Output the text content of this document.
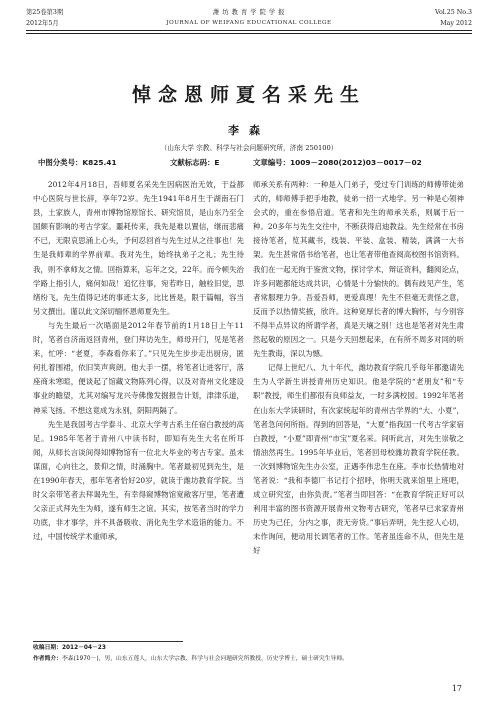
第25卷第3期	潍 坊 教 育 学 院 学 报	Vol.25 No.3
2012年5月	JOURNAL OF WEIFANG EDUCATIONAL COLLEGE	May 2012
悼念恩师夏名采先生
李森
（山东大学 宗教、科学与社会问题研究所，济南 250100）
中图分类号：K825.41	文献标志码：E	文章编号：1009－2080(2012)03－0017－02

2012年4月18日，吾师夏名采先生因病医治无效，于益都中心医院与世长辞，享年72岁。先生1941年8月生于湖南石门县，土家族人，青州市博物馆原馆长、研究馆员，是山东乃至全国颇有影响的考古学家。噩耗传来，我先是难以置信，继而悲痛不已，无限哀思涌上心头，予何忍回首与先生过从之往事也！先生是我师辈的学界前辈。我对先生，始终执弟子之礼；先生待我，则不拿师友之情。回指算来，忘年之交，22年。而今顿失治学路上指引人，痛何如哉！追忆往事，宛若昨日，触栓旧觉，思绪纷飞。先生值得记述的事迹太多，比比皆是，限于篇幅，容当另文撰出。谨以此文深切缅怀恩师夏先生。

与先生最后一次晤面是2012年春节前的1月18日上午11时，笔者自济南返回青州，登门拜访先生，师母开门，见是笔者来，忙呼：“老夏，李森看你来了。”只见先生步步走出厨房，匿何扎着围裙，依旧笑声爽朗。他大手一摆，将笔者让进客厅，落座商未寒暄，便谈起了馆藏文物陈列心得，以及对青州文化建设事业的瞻望，尤其对编写龙兴寺佛像发掘报告计划，津津乐道，神采飞扬。不想这竟成为永别，阴阳两隔了。

先生是我国考古学泰斗、北京大学考古系主任宿白教授的高足。1985年笔者于青州八中读书时，即知有先生大名在所耳闻，从师长言谈间得知博物馆有一位北大毕业的考古专家。虽未谋面，心向往之，景仰之情，时涌胸中。笔者最初见到先生，是在1990年春天，那年笔者恰好20岁，就读于潍坊教育学院。当时父亲带笔者去拜谒先生，有幸得窥博物馆宽敞客厅里，笔者遭父亲正式拜先生为师，遂有师生之谊。其实，按笔者当时的学力功底，非才事学，并不具备吸收、消化先生学术造诣的能力。不过，中国传统学术重师承，

师承关系有两种：一种是入门弟子，受过专门训练的师傅带徒弟式的，师师傅手把手地教，徒弟一招一式地学。另一种是心领神会式的，重在参悟启道。笔者和先生的师承关系，则属于后一种。20多年与先生交往中，不断获得启迪教益。先生经常在书房接待笔者，览其藏书，线装、平装、盒装、精装，满满一大书架。先生甚常借书给笔者，也让笔者带他查阅高校图书馆资料。我们在一起无拘于鉴赏文物，探讨学术，辩证资料，翻阅论点，许多问题都能达成共识，心情是十分愉快的。偶有歧见产生，笔者常服理力争。吾爱吾师，更爱真理！先生不但毫无责怪之意，反而予以热情奖掖，欣许。这种宽厚长者的博大胸怀，与今别容不得半点异议的所谓学者，真是天壤之别！这也是笔者对先生肃然起敬的原因之一。只是今天回想起来，在有所不周多对同的听先生教诲，深以为憾。

记得上世纪八、九十年代，潍坊教育学院几乎每年都邀请先生为人学新生讲授青州历史知识。他是学院的“老朋友”和“专职”教授，师生们都很有良师益友，一时多满校园。1992年笔者在山东大学读研时，有次家统起年的青州古学界的“大、小夏”，笔者急问何所指。得到的回答是，“大夏”指我国一代考古学家宿白教授，“小夏”即青州“市宝”夏名采。间听此言，对先生崇敬之情油然再生。1995年毕业后，笔者回母校潍坊教育学院任教。一次到博物馆先生办公室，正遇李伟忠生在座。李市长热情地对笔者说：“我和李德厂书记打个招呼，你明天就来馆里上班吧，成立研究室，由你负责。”笔者当即回答：“在教育学院正好可以利用丰富的图书资源开展青州文物考古研究，笔者早已求家青州历史为己任，分内之事，责无旁贷。”事后弄明，先生挖人心切，未作询问，便动用长调笔者的工作。笔者虽连命不从，但先生是好

收稿日期：2012－04－23
作者简介：李森(1970－)，男，山东五莲人，山东大学宗教、科学与社会问题研究所教授，历史学博士，硕士研究生导师。
17
